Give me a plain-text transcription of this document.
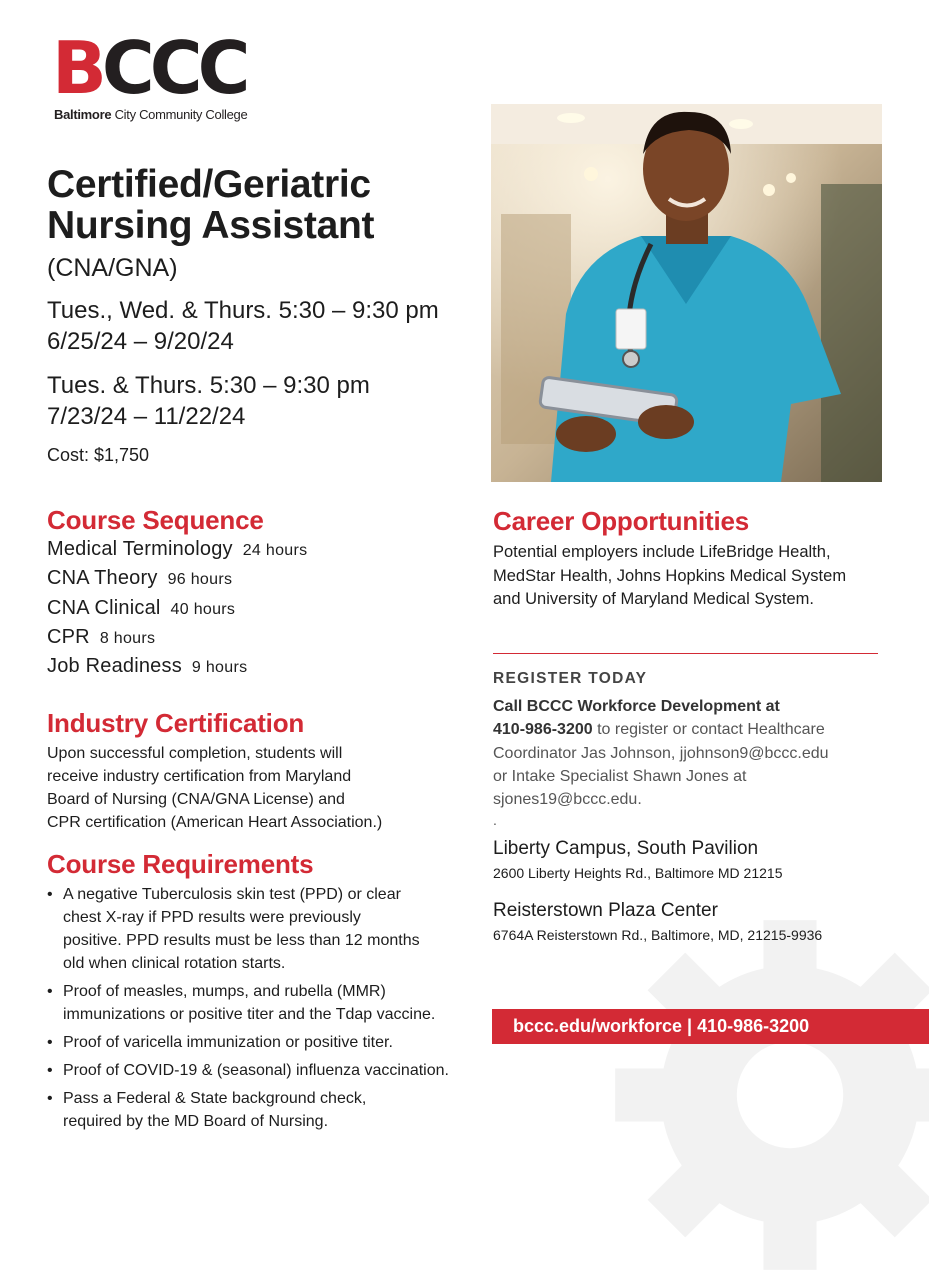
BCCC
Baltimore City Community College
Certified/Geriatric Nursing Assistant
(CNA/GNA)
Tues., Wed. & Thurs. 5:30 – 9:30 pm
6/25/24 – 9/20/24
Tues. & Thurs. 5:30 – 9:30 pm
7/23/24 – 11/22/24
Cost: $1,750
Course Sequence
Medical Terminology 24 hours
CNA Theory 96 hours
CNA Clinical 40 hours
CPR 8 hours
Job Readiness 9 hours
Industry Certification
Upon successful completion, students will
receive industry certification from Maryland
Board of Nursing (CNA/GNA License) and
CPR certification (American Heart Association.)
Course Requirements
• A negative Tuberculosis skin test (PPD) or clear
chest X-ray if PPD results were previously
positive. PPD results must be less than 12 months
old when clinical rotation starts.
• Proof of measles, mumps, and rubella (MMR)
immunizations or positive titer and the Tdap vaccine.
• Proof of varicella immunization or positive titer.
• Proof of COVID-19 & (seasonal) influenza vaccination.
• Pass a Federal & State background check,
required by the MD Board of Nursing.
Career Opportunities
Potential employers include LifeBridge Health,
MedStar Health, Johns Hopkins Medical System
and University of Maryland Medical System.
REGISTER TODAY
Call BCCC Workforce Development at
410-986-3200 to register or contact Healthcare
Coordinator Jas Johnson, jjohnson9@bccc.edu
or Intake Specialist Shawn Jones at
sjones19@bccc.edu.
.
Liberty Campus, South Pavilion
2600 Liberty Heights Rd., Baltimore MD 21215
Reisterstown Plaza Center
6764A Reisterstown Rd., Baltimore, MD, 21215-9936
bccc.edu/workforce | 410-986-3200
